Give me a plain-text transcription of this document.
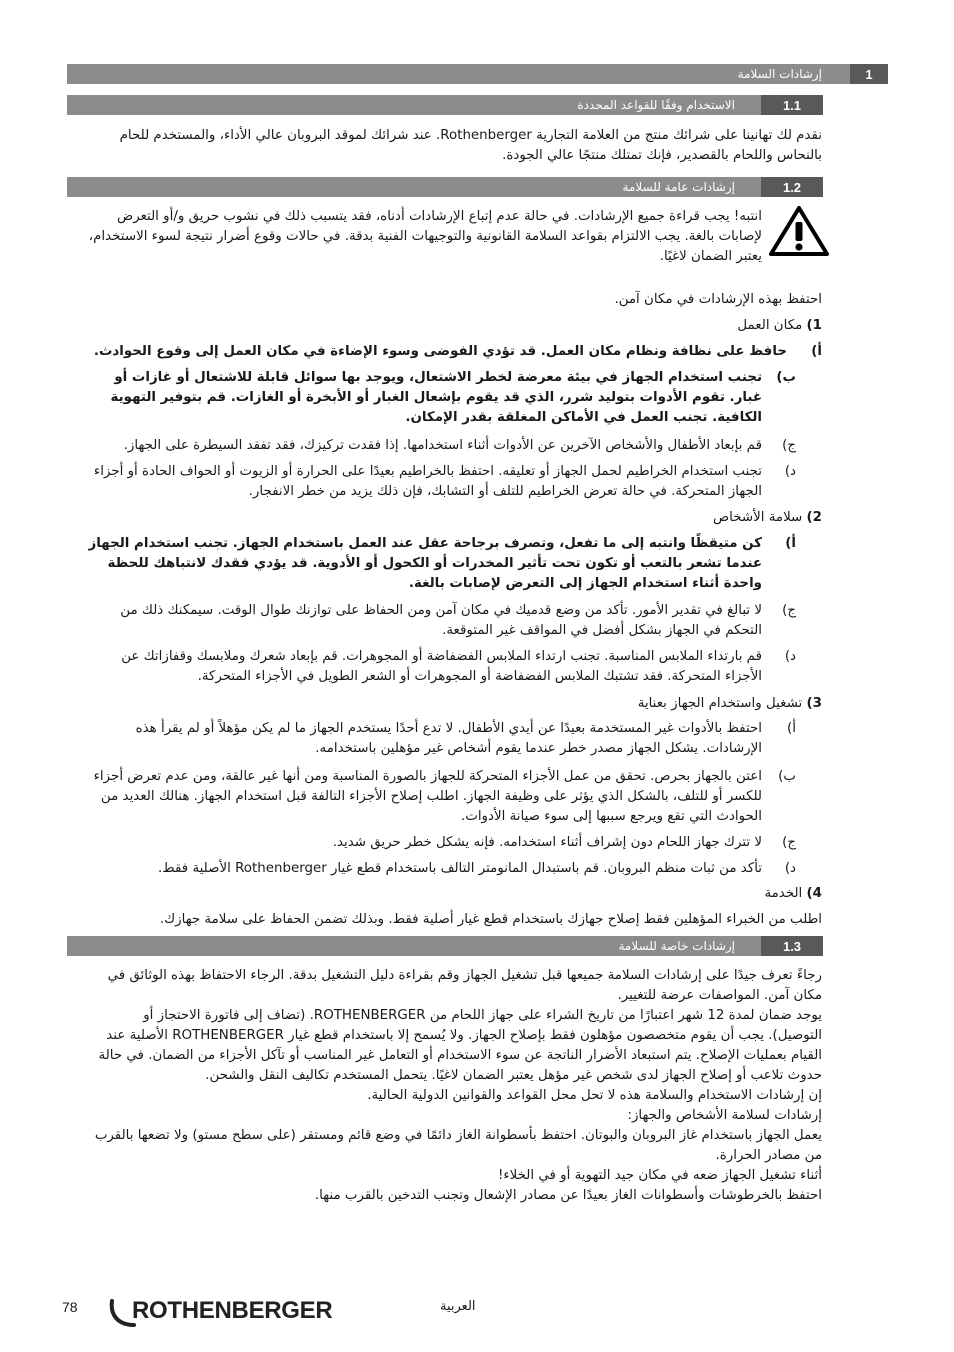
1
إرشادات السلامة
1.1
الاستخدام وفقًا للقواعد المحددة
نقدم لك تهانينا على شرائك منتج من العلامة التجارية Rothenberger. عند شرائك لموقد البروبان عالي الأداء، والمستخدم للحام بالنحاس واللحام بالقصدير، فإنك تمتلك منتجًا عالي الجودة.
1.2
إرشادات عامة للسلامة
انتبه! يجب قراءة جميع الإرشادات. في حالة عدم إتباع الإرشادات أدناه، فقد يتسبب ذلك في نشوب حريق و/أو التعرض لإصابات بالغة. يجب الالتزام بقواعد السلامة القانونية والتوجيهات الفنية بدقة. في حالات وقوع أضرار نتيجة لسوء الاستخدام، يعتبر الضمان لاغيًا.
احتفظ بهذه الإرشادات في مكان آمن.
1) مكان العمل
أ)
حافظ على نظافة ونظام مكان العمل. قد تؤدي الفوضى وسوء الإضاءة في مكان العمل إلى وقوع الحوادث.
ب)
تجنب استخدام الجهاز في بيئة معرضة لخطر الاشتعال، ويوجد بها سوائل قابلة للاشتعال أو غازات أو غبار. تقوم الأدوات بتوليد شرر، الذي قد يقوم بإشعال الغبار أو الأبخرة أو الغازات. قم بتوفير التهوية الكافية. تجنب العمل في الأماكن المغلقة بقدر الإمكان.
ج)
قم بإبعاد الأطفال والأشخاص الآخرين عن الأدوات أثناء استخدامها. إذا فقدت تركيزك، فقد تفقد السيطرة على الجهاز.
د)
تجنب استخدام الخراطيم لحمل الجهاز أو تعليقه. احتفظ بالخراطيم بعيدًا على الحرارة أو الزيوت أو الحواف الحادة أو أجزاء الجهاز المتحركة. في حالة تعرض الخراطيم للتلف أو التشابك، فإن ذلك يزيد من خطر الانفجار.
2) سلامة الأشخاص
أ)
كن متيقظًا وانتبه إلى ما تفعل، وتصرف برجاحة عقل عند العمل باستخدام الجهاز. تجنب استخدام الجهاز عندما تشعر بالتعب أو تكون تحت تأثير المخدرات أو الكحول أو الأدوية. قد يؤدي فقدك لانتباهك للحظة واحدة أثناء استخدام الجهاز إلى التعرض لإصابات بالغة.
ج)
لا تبالغ في تقدير الأمور. تأكد من وضع قدميك في مكان آمن ومن الحفاظ على توازنك طوال الوقت. سيمكنك ذلك من التحكم في الجهاز بشكل أفضل في المواقف غير المتوقعة.
د)
قم بارتداء الملابس المناسبة. تجنب ارتداء الملابس الفضفاضة أو المجوهرات. قم بإبعاد شعرك وملابسك وقفازاتك عن الأجزاء المتحركة. فقد تشتبك الملابس الفضفاضة أو المجوهرات أو الشعر الطويل في الأجزاء المتحركة.
3) تشغيل واستخدام الجهاز بعناية
أ)
احتفظ بالأدوات غير المستخدمة بعيدًا عن أيدي الأطفال. لا تدع أحدًا يستخدم الجهاز ما لم يكن مؤهلاً أو لم يقرأ هذه الإرشادات. يشكل الجهاز مصدر خطر عندما يقوم أشخاص غير مؤهلين باستخدامه.
ب)
اعتن بالجهاز بحرص. تحقق من عمل الأجزاء المتحركة للجهاز بالصورة المناسبة ومن أنها غير عالقة، ومن عدم تعرض أجزاء للكسر أو للتلف، بالشكل الذي يؤثر على وظيفة الجهاز. اطلب إصلاح الأجزاء التالفة قبل استخدام الجهاز. هنالك العديد من الحوادث التي تقع ويرجع سببها إلى سوء صيانة الأدوات.
ج)
لا تترك جهاز اللحام دون إشراف أثناء استخدامه. فإنه يشكل خطر حريق شديد.
د)
تأكد من ثبات منظم البروبان. قم باستبدال المانومتر التالف باستخدام قطع غيار Rothenberger الأصلية فقط.
4) الخدمة
اطلب من الخبراء المؤهلين فقط إصلاح جهازك باستخدام قطع غيار أصلية فقط. وبذلك تضمن الحفاظ على سلامة جهازك.
1.3
إرشادات خاصة للسلامة
رجاءً تعرف جيدًا على إرشادات السلامة جميعها قبل تشغيل الجهاز وقم بقراءة دليل التشغيل بدقة. الرجاء الاحتفاظ بهذه الوثائق في مكان آمن. المواصفات عرضة للتغيير.
يوجد ضمان لمدة 12 شهر اعتبارًا من تاريخ الشراء على جهاز اللحام من ROTHENBERGER. (تضاف إلى فاتورة الاحتجاز أو التوصيل). يجب أن يقوم متخصصون مؤهلون فقط بإصلاح الجهاز. ولا يُسمح إلا باستخدام قطع غيار ROTHENBERGER الأصلية عند القيام بعمليات الإصلاح. يتم استبعاد الأضرار الناتجة عن سوء الاستخدام أو التعامل غير المناسب أو تآكل الأجزاء من الضمان. في حالة حدوث تلاعب أو إصلاح الجهاز لدى شخص غير مؤهل يعتبر الضمان لاغيًا. يتحمل المستخدم تكاليف النقل والشحن.
إن إرشادات الاستخدام والسلامة هذه لا تحل محل القواعد والقوانين الدولية الحالية.
إرشادات لسلامة الأشخاص والجهاز:
يعمل الجهاز باستخدام غاز البروبان والبوتان. احتفظ بأسطوانة الغاز دائمًا في وضع قائم ومستقر (على سطح مستو) ولا تضعها بالقرب من مصادر الحرارة.
أثناء تشغيل الجهاز ضعه في مكان جيد التهوية أو في الخلاء!
احتفظ بالخرطوشات وأسطوانات الغاز بعيدًا عن مصادر الإشعال وتجنب التدخين بالقرب منها.
78 ROTHENBERGER	العربية
